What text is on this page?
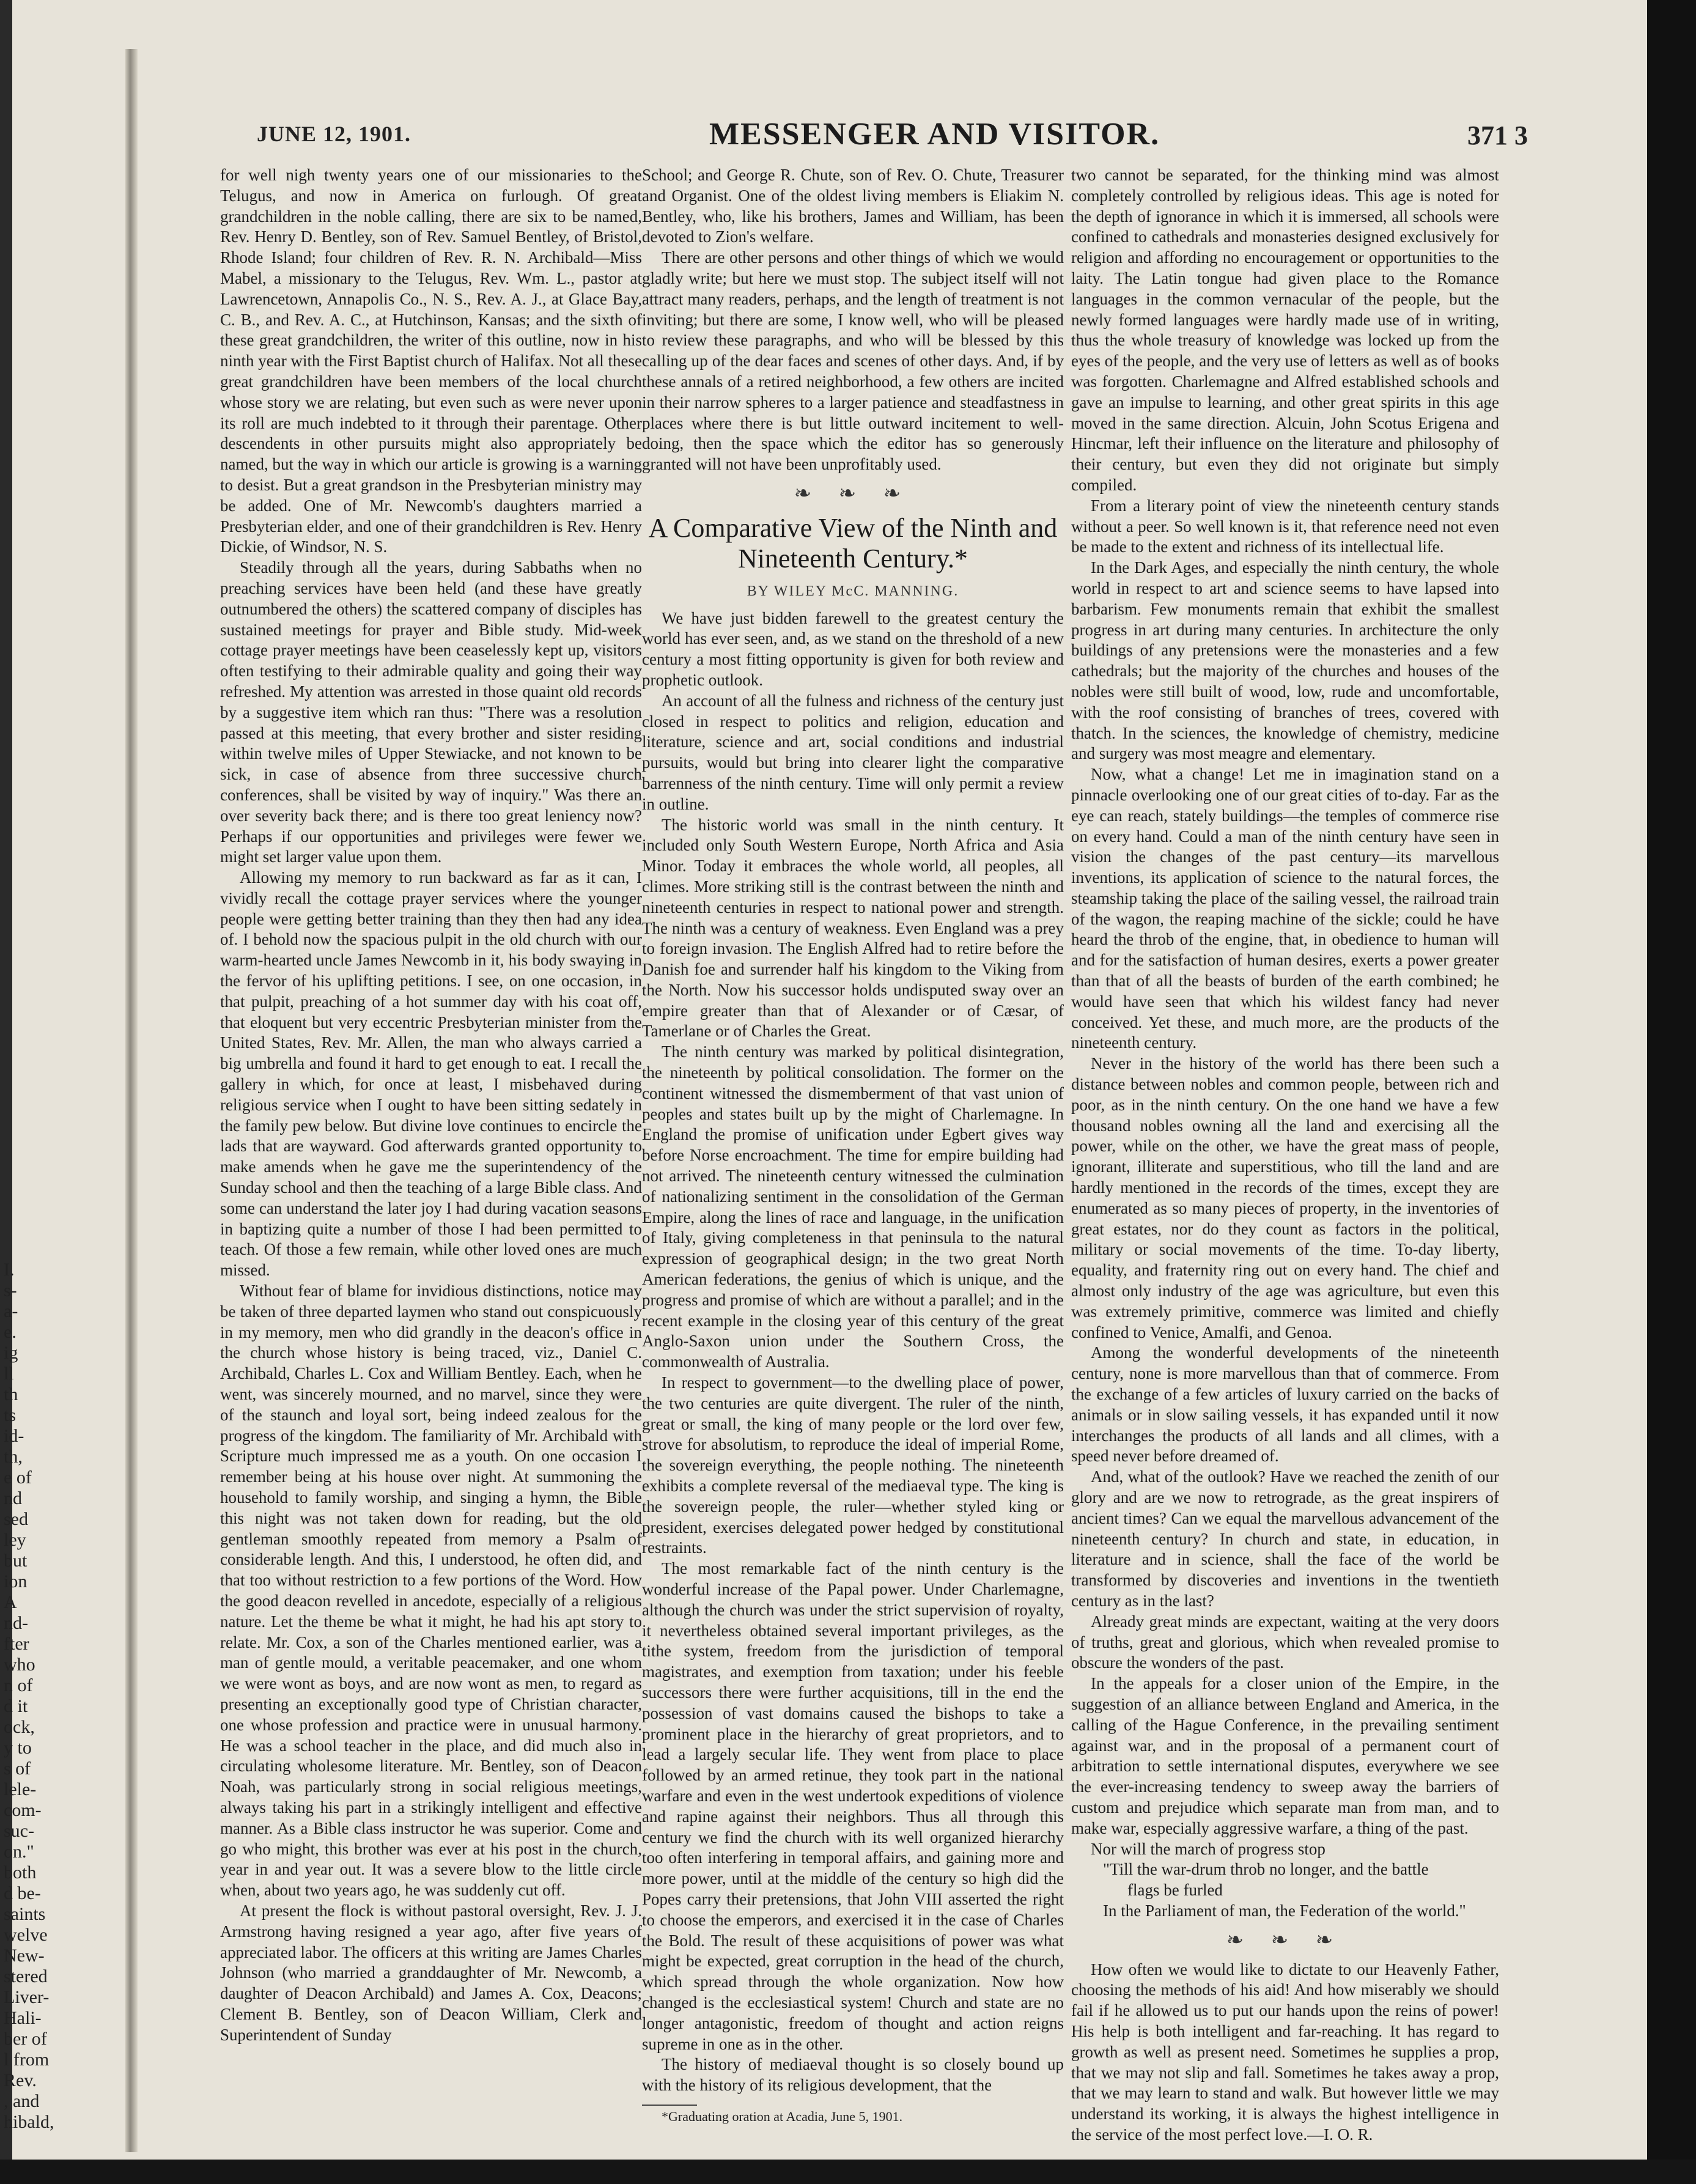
I.
s-
a-
e.
ig
ll
th
ts
id-
th,
e of
nd
sed
ley
but
ion
A
nd-
fter
who
n of
d it
ock,
y to
s of
lele-
com-
suc-
on."
both
d be-
saints
welve
New-
stered
Liver-
Hali-
ber of
l from
Rev.
, and
hibald,
JUNE 12, 1901.	MESSENGER AND VISITOR.	371 3

for well nigh twenty years one of our missionaries to the Telugus, and now in America on furlough. Of great grandchildren in the noble calling, there are six to be named, Rev. Henry D. Bentley, son of Rev. Samuel Bentley, of Bristol, Rhode Island; four children of Rev. R. N. Archibald—Miss Mabel, a missionary to the Telugus, Rev. Wm. L., pastor at Lawrencetown, Annapolis Co., N. S., Rev. A. J., at Glace Bay, C. B., and Rev. A. C., at Hutchinson, Kansas; and the sixth of these great grandchildren, the writer of this outline, now in his ninth year with the First Baptist church of Halifax. Not all these great grandchildren have been members of the local church whose story we are relating, but even such as were never upon its roll are much indebted to it through their parentage. Other descendents in other pursuits might also appropriately be named, but the way in which our article is growing is a warning to desist. But a great grandson in the Presbyterian ministry may be added. One of Mr. Newcomb's daughters married a Presbyterian elder, and one of their grandchildren is Rev. Henry Dickie, of Windsor, N. S.

Steadily through all the years, during Sabbaths when no preaching services have been held (and these have greatly outnumbered the others) the scattered company of disciples has sustained meetings for prayer and Bible study. Mid-week cottage prayer meetings have been ceaselessly kept up, visitors often testifying to their admirable quality and going their way refreshed. My attention was arrested in those quaint old records by a suggestive item which ran thus: "There was a resolution passed at this meeting, that every brother and sister residing within twelve miles of Upper Stewiacke, and not known to be sick, in case of absence from three successive church conferences, shall be visited by way of inquiry." Was there an over severity back there; and is there too great leniency now? Perhaps if our opportunities and privileges were fewer we might set larger value upon them.

Allowing my memory to run backward as far as it can, I vividly recall the cottage prayer services where the younger people were getting better training than they then had any idea of. I behold now the spacious pulpit in the old church with our warm-hearted uncle James Newcomb in it, his body swaying in the fervor of his uplifting petitions. I see, on one occasion, in that pulpit, preaching of a hot summer day with his coat off, that eloquent but very eccentric Presbyterian minister from the United States, Rev. Mr. Allen, the man who always carried a big umbrella and found it hard to get enough to eat. I recall the gallery in which, for once at least, I misbehaved during religious service when I ought to have been sitting sedately in the family pew below. But divine love continues to encircle the lads that are wayward. God afterwards granted opportunity to make amends when he gave me the superintendency of the Sunday school and then the teaching of a large Bible class. And some can understand the later joy I had during vacation seasons in baptizing quite a number of those I had been permitted to teach. Of those a few remain, while other loved ones are much missed.

Without fear of blame for invidious distinctions, notice may be taken of three departed laymen who stand out conspicuously in my memory, men who did grandly in the deacon's office in the church whose history is being traced, viz., Daniel C. Archibald, Charles L. Cox and William Bentley. Each, when he went, was sincerely mourned, and no marvel, since they were of the staunch and loyal sort, being indeed zealous for the progress of the kingdom. The familiarity of Mr. Archibald with Scripture much impressed me as a youth. On one occasion I remember being at his house over night. At summoning the household to family worship, and singing a hymn, the Bible this night was not taken down for reading, but the old gentleman smoothly repeated from memory a Psalm of considerable length. And this, I understood, he often did, and that too without restriction to a few portions of the Word. How the good deacon revelled in ancedote, especially of a religious nature. Let the theme be what it might, he had his apt story to relate. Mr. Cox, a son of the Charles mentioned earlier, was a man of gentle mould, a veritable peacemaker, and one whom we were wont as boys, and are now wont as men, to regard as presenting an exceptionally good type of Christian character, one whose profession and practice were in unusual harmony. He was a school teacher in the place, and did much also in circulating wholesome literature. Mr. Bentley, son of Deacon Noah, was particularly strong in social religious meetings, always taking his part in a strikingly intelligent and effective manner. As a Bible class instructor he was superior. Come and go who might, this brother was ever at his post in the church, year in and year out. It was a severe blow to the little circle when, about two years ago, he was suddenly cut off.

At present the flock is without pastoral oversight, Rev. J. J. Armstrong having resigned a year ago, after five years of appreciated labor. The officers at this writing are James Charles Johnson (who married a granddaughter of Mr. Newcomb, a daughter of Deacon Archibald) and James A. Cox, Deacons; Clement B. Bentley, son of Deacon William, Clerk and Superintendent of Sunday

School; and George R. Chute, son of Rev. O. Chute, Treasurer and Organist. One of the oldest living members is Eliakim N. Bentley, who, like his brothers, James and William, has been devoted to Zion's welfare.

There are other persons and other things of which we would gladly write; but here we must stop. The subject itself will not attract many readers, perhaps, and the length of treatment is not inviting; but there are some, I know well, who will be pleased to review these paragraphs, and who will be blessed by this calling up of the dear faces and scenes of other days. And, if by these annals of a retired neighborhood, a few others are incited in their narrow spheres to a larger patience and steadfastness in places where there is but little outward incitement to well-doing, then the space which the editor has so generously granted will not have been unprofitably used.

❧ ❧ ❧
A Comparative View of the Ninth and Nineteenth Century.*
BY WILEY McC. MANNING.

We have just bidden farewell to the greatest century the world has ever seen, and, as we stand on the threshold of a new century a most fitting opportunity is given for both review and prophetic outlook.

An account of all the fulness and richness of the century just closed in respect to politics and religion, education and literature, science and art, social conditions and industrial pursuits, would but bring into clearer light the comparative barrenness of the ninth century. Time will only permit a review in outline.

The historic world was small in the ninth century. It included only South Western Europe, North Africa and Asia Minor. Today it embraces the whole world, all peoples, all climes. More striking still is the contrast between the ninth and nineteenth centuries in respect to national power and strength. The ninth was a century of weakness. Even England was a prey to foreign invasion. The English Alfred had to retire before the Danish foe and surrender half his kingdom to the Viking from the North. Now his successor holds undisputed sway over an empire greater than that of Alexander or of Cæsar, of Tamerlane or of Charles the Great.

The ninth century was marked by political disintegration, the nineteenth by political consolidation. The former on the continent witnessed the dismemberment of that vast union of peoples and states built up by the might of Charlemagne. In England the promise of unification under Egbert gives way before Norse encroachment. The time for empire building had not arrived. The nineteenth century witnessed the culmination of nationalizing sentiment in the consolidation of the German Empire, along the lines of race and language, in the unification of Italy, giving completeness in that peninsula to the natural expression of geographical design; in the two great North American federations, the genius of which is unique, and the progress and promise of which are without a parallel; and in the recent example in the closing year of this century of the great Anglo-Saxon union under the Southern Cross, the commonwealth of Australia.

In respect to government—to the dwelling place of power, the two centuries are quite divergent. The ruler of the ninth, great or small, the king of many people or the lord over few, strove for absolutism, to reproduce the ideal of imperial Rome, the sovereign everything, the people nothing. The nineteenth exhibits a complete reversal of the mediaeval type. The king is the sovereign people, the ruler—whether styled king or president, exercises delegated power hedged by constitutional restraints.

The most remarkable fact of the ninth century is the wonderful increase of the Papal power. Under Charlemagne, although the church was under the strict supervision of royalty, it nevertheless obtained several important privileges, as the tithe system, freedom from the jurisdiction of temporal magistrates, and exemption from taxation; under his feeble successors there were further acquisitions, till in the end the possession of vast domains caused the bishops to take a prominent place in the hierarchy of great proprietors, and to lead a largely secular life. They went from place to place followed by an armed retinue, they took part in the national warfare and even in the west undertook expeditions of violence and rapine against their neighbors. Thus all through this century we find the church with its well organized hierarchy too often interfering in temporal affairs, and gaining more and more power, until at the middle of the century so high did the Popes carry their pretensions, that John VIII asserted the right to choose the emperors, and exercised it in the case of Charles the Bold. The result of these acquisitions of power was what might be expected, great corruption in the head of the church, which spread through the whole organization. Now how changed is the ecclesiastical system! Church and state are no longer antagonistic, freedom of thought and action reigns supreme in one as in the other.

The history of mediaeval thought is so closely bound up with the history of its religious development, that the

*Graduating oration at Acadia, June 5, 1901.

two cannot be separated, for the thinking mind was almost completely controlled by religious ideas. This age is noted for the depth of ignorance in which it is immersed, all schools were confined to cathedrals and monasteries designed exclusively for religion and affording no encouragement or opportunities to the laity. The Latin tongue had given place to the Romance languages in the common vernacular of the people, but the newly formed languages were hardly made use of in writing, thus the whole treasury of knowledge was locked up from the eyes of the people, and the very use of letters as well as of books was forgotten. Charlemagne and Alfred established schools and gave an impulse to learning, and other great spirits in this age moved in the same direction. Alcuin, John Scotus Erigena and Hincmar, left their influence on the literature and philosophy of their century, but even they did not originate but simply compiled.

From a literary point of view the nineteenth century stands without a peer. So well known is it, that reference need not even be made to the extent and richness of its intellectual life.

In the Dark Ages, and especially the ninth century, the whole world in respect to art and science seems to have lapsed into barbarism. Few monuments remain that exhibit the smallest progress in art during many centuries. In architecture the only buildings of any pretensions were the monasteries and a few cathedrals; but the majority of the churches and houses of the nobles were still built of wood, low, rude and uncomfortable, with the roof consisting of branches of trees, covered with thatch. In the sciences, the knowledge of chemistry, medicine and surgery was most meagre and elementary.

Now, what a change! Let me in imagination stand on a pinnacle overlooking one of our great cities of to-day. Far as the eye can reach, stately buildings—the temples of commerce rise on every hand. Could a man of the ninth century have seen in vision the changes of the past century—its marvellous inventions, its application of science to the natural forces, the steamship taking the place of the sailing vessel, the railroad train of the wagon, the reaping machine of the sickle; could he have heard the throb of the engine, that, in obedience to human will and for the satisfaction of human desires, exerts a power greater than that of all the beasts of burden of the earth combined; he would have seen that which his wildest fancy had never conceived. Yet these, and much more, are the products of the nineteenth century.

Never in the history of the world has there been such a distance between nobles and common people, between rich and poor, as in the ninth century. On the one hand we have a few thousand nobles owning all the land and exercising all the power, while on the other, we have the great mass of people, ignorant, illiterate and superstitious, who till the land and are hardly mentioned in the records of the times, except they are enumerated as so many pieces of property, in the inventories of great estates, nor do they count as factors in the political, military or social movements of the time. To-day liberty, equality, and fraternity ring out on every hand. The chief and almost only industry of the age was agriculture, but even this was extremely primitive, commerce was limited and chiefly confined to Venice, Amalfi, and Genoa.

Among the wonderful developments of the nineteenth century, none is more marvellous than that of commerce. From the exchange of a few articles of luxury carried on the backs of animals or in slow sailing vessels, it has expanded until it now interchanges the products of all lands and all climes, with a speed never before dreamed of.

And, what of the outlook? Have we reached the zenith of our glory and are we now to retrograde, as the great inspirers of ancient times? Can we equal the marvellous advancement of the nineteenth century? In church and state, in education, in literature and in science, shall the face of the world be transformed by discoveries and inventions in the twentieth century as in the last?

Already great minds are expectant, waiting at the very doors of truths, great and glorious, which when revealed promise to obscure the wonders of the past.

In the appeals for a closer union of the Empire, in the suggestion of an alliance between England and America, in the calling of the Hague Conference, in the prevailing sentiment against war, and in the proposal of a permanent court of arbitration to settle international disputes, everywhere we see the ever-increasing tendency to sweep away the barriers of custom and prejudice which separate man from man, and to make war, especially aggressive warfare, a thing of the past.

Nor will the march of progress stop

"Till the war-drum throb no longer, and the battle

flags be furled

In the Parliament of man, the Federation of the world."

❧ ❧ ❧

How often we would like to dictate to our Heavenly Father, choosing the methods of his aid! And how miserably we should fail if he allowed us to put our hands upon the reins of power! His help is both intelligent and far-reaching. It has regard to growth as well as present need. Sometimes he supplies a prop, that we may not slip and fall. Sometimes he takes away a prop, that we may learn to stand and walk. But however little we may understand its working, it is always the highest intelligence in the service of the most perfect love.—I. O. R.
